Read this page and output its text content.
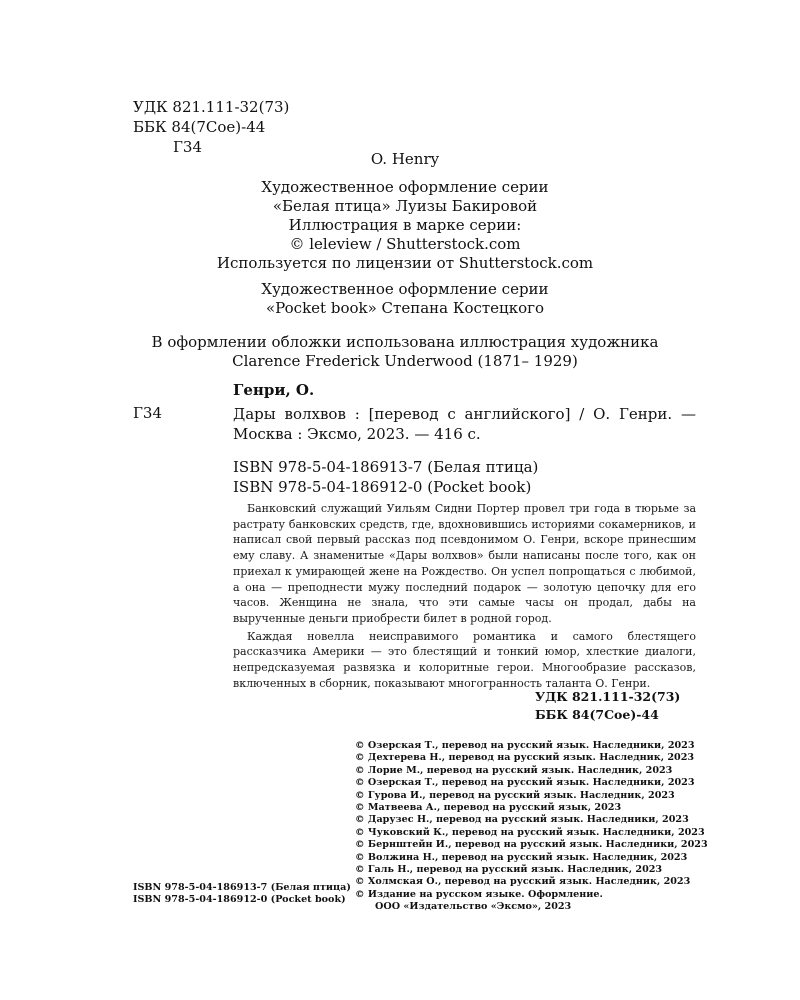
УДК 821.111-32(73)
ББК 84(7Сое)-44
Г34
O. Henry
Художественное оформление серии
«Белая птица» Луизы Бакировой
Иллюстрация в марке серии:
© leleview / Shutterstock.com
Используется по лицензии от Shutterstock.com
Художественное оформление серии
«Pocket book» Степана Костецкого
В оформлении обложки использована иллюстрация художника
Clarence Frederick Underwood (1871– 1929)
Генри, О.
Г34	Дары волхвов : [перевод с английского] / О. Генри. — Москва : Эксмо, 2023. — 416 с.
ISBN 978-5-04-186913-7 (Белая птица)
ISBN 978-5-04-186912-0 (Pocket book)

Банковский служащий Уильям Сидни Портер провел три года в тюрьме за растрату банковских средств, где, вдохновившись историями сокамерников, и написал свой первый рассказ под псевдонимом О. Генри, вскоре принесшим ему славу. А знаменитые «Дары волхвов» были написаны после того, как он приехал к умирающей жене на Рождество. Он успел попрощаться с любимой, а она — преподнести мужу последний подарок — золотую цепочку для его часов. Женщина не знала, что эти самые часы он продал, дабы на вырученные деньги приобрести билет в родной город.

Каждая новелла неисправимого романтика и самого блестящего рассказчика Америки — это блестящий и тонкий юмор, хлесткие диалоги, непредсказуемая развязка и колоритные герои. Многообразие рассказов, включенных в сборник, показывают многогранность таланта О. Генри.

УДК 821.111-32(73)
ББК 84(7Сое)-44
© Озерская Т., перевод на русский язык. Наследники, 2023
© Дехтерева Н., перевод на русский язык. Наследник, 2023
© Лорие М., перевод на русский язык. Наследник, 2023
© Озерская Т., перевод на русский язык. Наследники, 2023
© Гурова И., перевод на русский язык. Наследник, 2023
© Матвеева А., перевод на русский язык, 2023
© Дарузес Н., перевод на русский язык. Наследники, 2023
© Чуковский К., перевод на русский язык. Наследники, 2023
© Бернштейн И., перевод на русский язык. Наследники, 2023
© Волжина Н., перевод на русский язык. Наследник, 2023
© Галь Н., перевод на русский язык. Наследник, 2023
© Холмская О., перевод на русский язык. Наследник, 2023
© Издание на русском языке. Оформление.
ООО «Издательство «Эксмо», 2023
ISBN 978-5-04-186913-7 (Белая птица)
ISBN 978-5-04-186912-0 (Pocket book)
